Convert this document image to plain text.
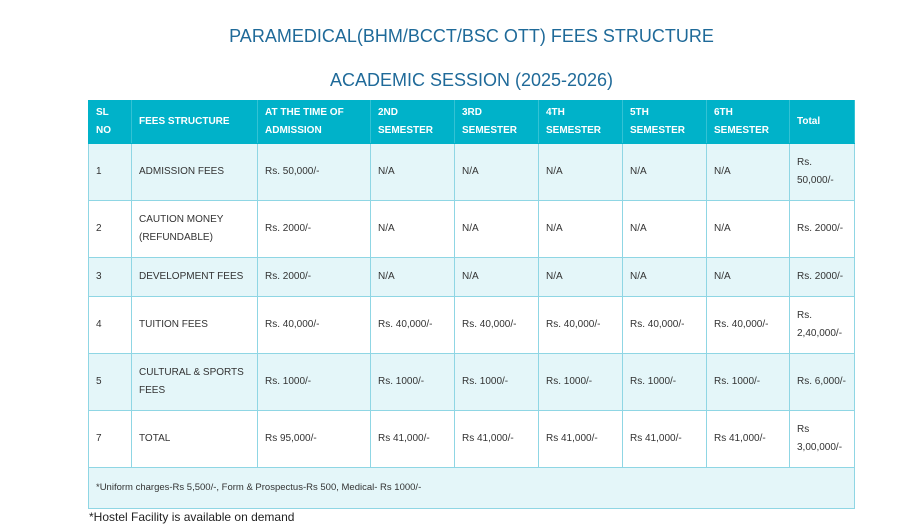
PARAMEDICAL(BHM/BCCT/BSC OTT) FEES STRUCTURE
ACADEMIC SESSION (2025-2026)
SL NO	FEES STRUCTURE	AT THE TIME OF ADMISSION	2ND SEMESTER	3RD SEMESTER	4TH SEMESTER	5TH SEMESTER	6TH SEMESTER	Total
1	ADMISSION FEES	Rs. 50,000/-	N/A	N/A	N/A	N/A	N/A	Rs. 50,000/-
2	CAUTION MONEY (REFUNDABLE)	Rs. 2000/-	N/A	N/A	N/A	N/A	N/A	Rs. 2000/-
3	DEVELOPMENT FEES	Rs. 2000/-	N/A	N/A	N/A	N/A	N/A	Rs. 2000/-
4	TUITION FEES	Rs. 40,000/-	Rs. 40,000/-	Rs. 40,000/-	Rs. 40,000/-	Rs. 40,000/-	Rs. 40,000/-	Rs. 2,40,000/-
5	CULTURAL & SPORTS FEES	Rs. 1000/-	Rs. 1000/-	Rs. 1000/-	Rs. 1000/-	Rs. 1000/-	Rs. 1000/-	Rs. 6,000/-
7	TOTAL	Rs 95,000/-	Rs 41,000/-	Rs 41,000/-	Rs 41,000/-	Rs 41,000/-	Rs 41,000/-	Rs 3,00,000/-
*Uniform charges-Rs 5,500/-, Form & Prospectus-Rs 500, Medical- Rs 1000/-								
*Hostel Facility is available on demand
